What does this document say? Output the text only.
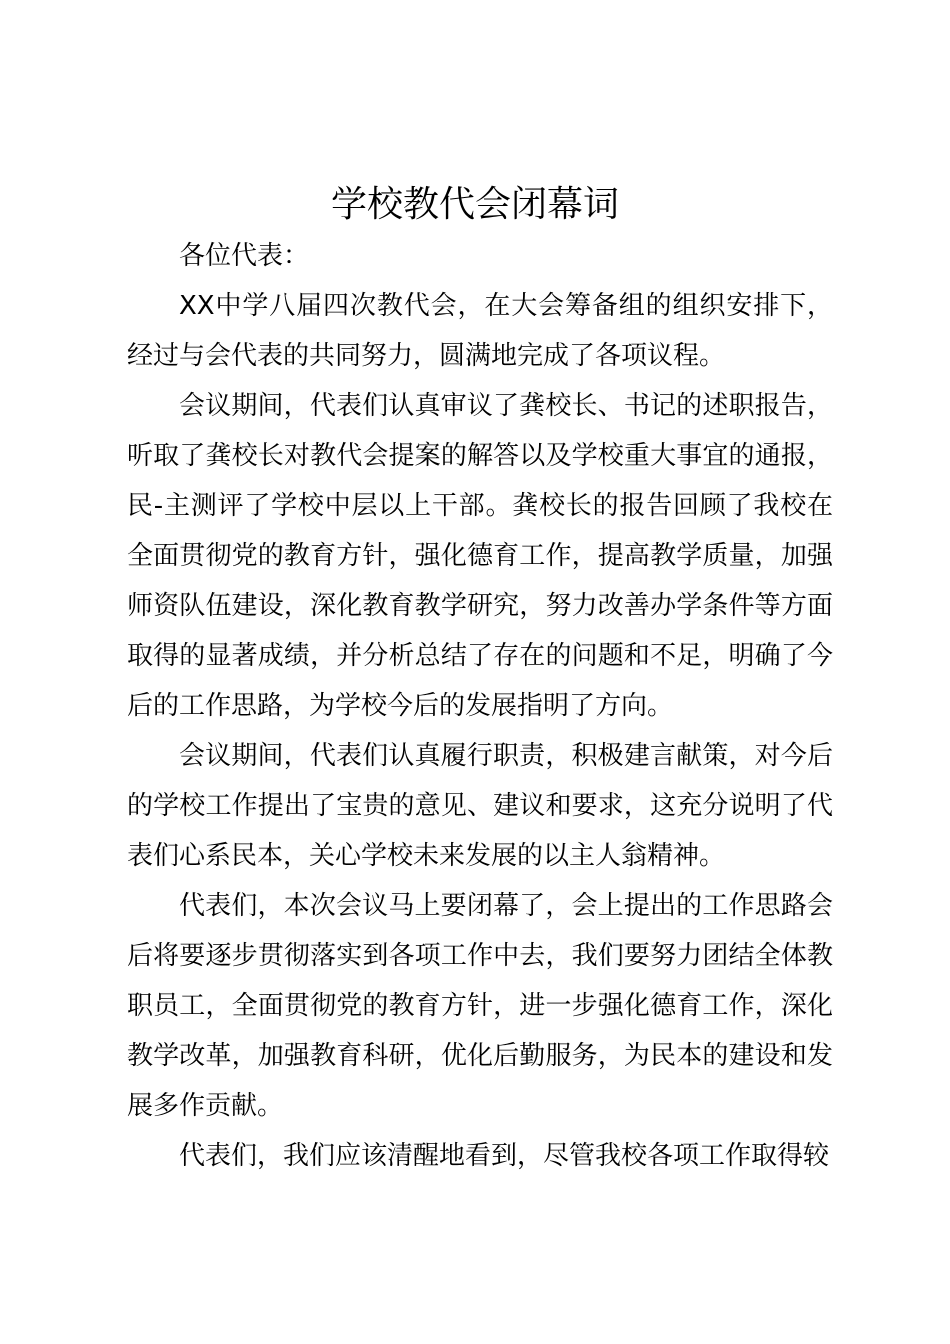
学校教代会闭幕词

各位代表：

XX中学八届四次教代会，在大会筹备组的组织安排下，经过与会代表的共同努力，圆满地完成了各项议程。

会议期间，代表们认真审议了龚校长、书记的述职报告，听取了龚校长对教代会提案的解答以及学校重大事宜的通报，民-主测评了学校中层以上干部。龚校长的报告回顾了我校在全面贯彻党的教育方针，强化德育工作，提高教学质量，加强师资队伍建设，深化教育教学研究，努力改善办学条件等方面取得的显著成绩，并分析总结了存在的问题和不足，明确了今后的工作思路，为学校今后的发展指明了方向。

会议期间，代表们认真履行职责，积极建言献策，对今后的学校工作提出了宝贵的意见、建议和要求，这充分说明了代表们心系民本，关心学校未来发展的以主人翁精神。

代表们，本次会议马上要闭幕了，会上提出的工作思路会后将要逐步贯彻落实到各项工作中去，我们要努力团结全体教职员工，全面贯彻党的教育方针，进一步强化德育工作，深化教学改革，加强教育科研，优化后勤服务，为民本的建设和发展多作贡献。

代表们，我们应该清醒地看到，尽管我校各项工作取得较
